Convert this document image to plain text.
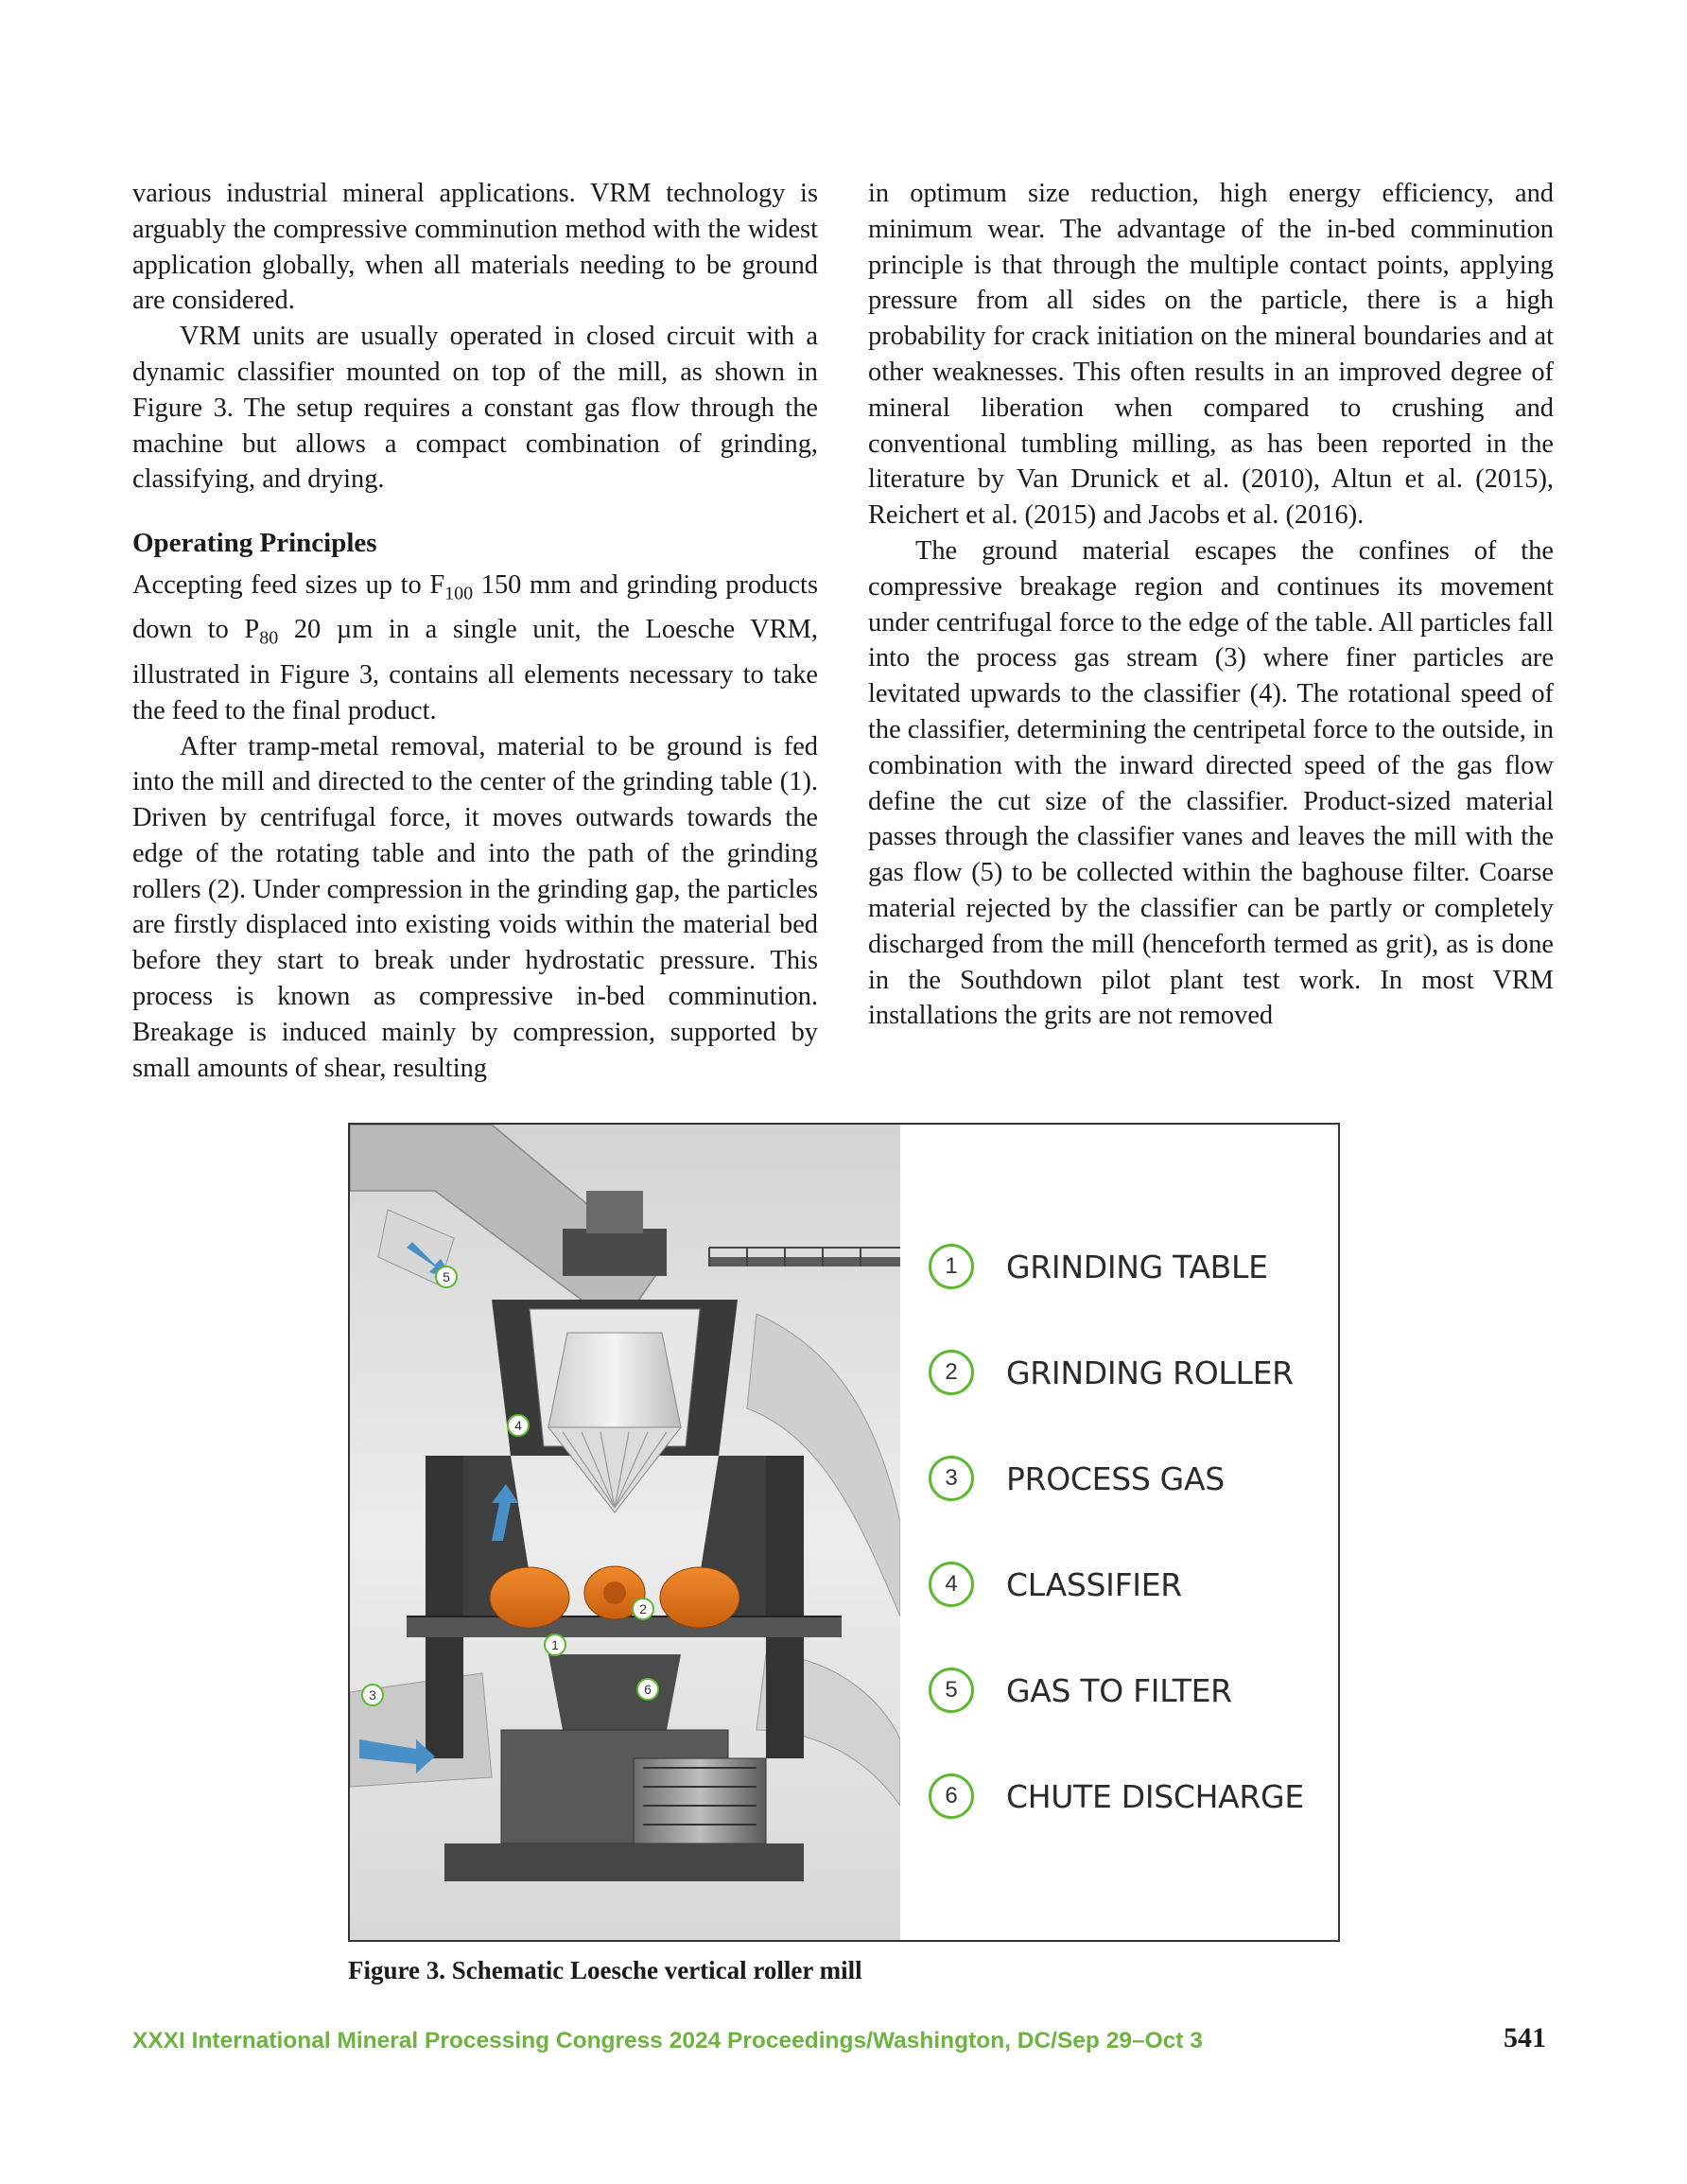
various industrial mineral applications. VRM technology is arguably the compressive comminution method with the widest application globally, when all materials needing to be ground are considered.

VRM units are usually operated in closed circuit with a dynamic classifier mounted on top of the mill, as shown in Figure 3. The setup requires a constant gas flow through the machine but allows a compact combination of grinding, classifying, and drying.

Operating Principles

Accepting feed sizes up to $F_{100}$ 150 mm and grinding products down to $P_{80}$ 20 µm in a single unit, the Loesche VRM, illustrated in Figure 3, contains all elements necessary to take the feed to the final product.

After tramp-metal removal, material to be ground is fed into the mill and directed to the center of the grinding table (1). Driven by centrifugal force, it moves outwards towards the edge of the rotating table and into the path of the grinding rollers (2). Under compression in the grinding gap, the particles are firstly displaced into existing voids within the material bed before they start to break under hydrostatic pressure. This process is known as compressive in-bed comminution. Breakage is induced mainly by compression, supported by small amounts of shear, resulting

in optimum size reduction, high energy efficiency, and minimum wear. The advantage of the in-bed comminution principle is that through the multiple contact points, applying pressure from all sides on the particle, there is a high probability for crack initiation on the mineral boundaries and at other weaknesses. This often results in an improved degree of mineral liberation when compared to crushing and conventional tumbling milling, as has been reported in the literature by Van Drunick et al. (2010), Altun et al. (2015), Reichert et al. (2015) and Jacobs et al. (2016).

The ground material escapes the confines of the compressive breakage region and continues its movement under centrifugal force to the edge of the table. All particles fall into the process gas stream (3) where finer particles are levitated upwards to the classifier (4). The rotational speed of the classifier, determining the centripetal force to the outside, in combination with the inward directed speed of the gas flow define the cut size of the classifier. Product-sized material passes through the classifier vanes and leaves the mill with the gas flow (5) to be collected within the baghouse filter. Coarse material rejected by the classifier can be partly or completely discharged from the mill (henceforth termed as grit), as is done in the Southdown pilot plant test work. In most VRM installations the grits are not removed

5
4
2
1
6
3
1	GRINDING TABLE
2	GRINDING ROLLER
3	PROCESS GAS
4	CLASSIFIER
5	GAS TO FILTER
6	CHUTE DISCHARGE
Figure 3. Schematic Loesche vertical roller mill
XXXI International Mineral Processing Congress 2024 Proceedings/Washington, DC/Sep 29–Oct 3	541
